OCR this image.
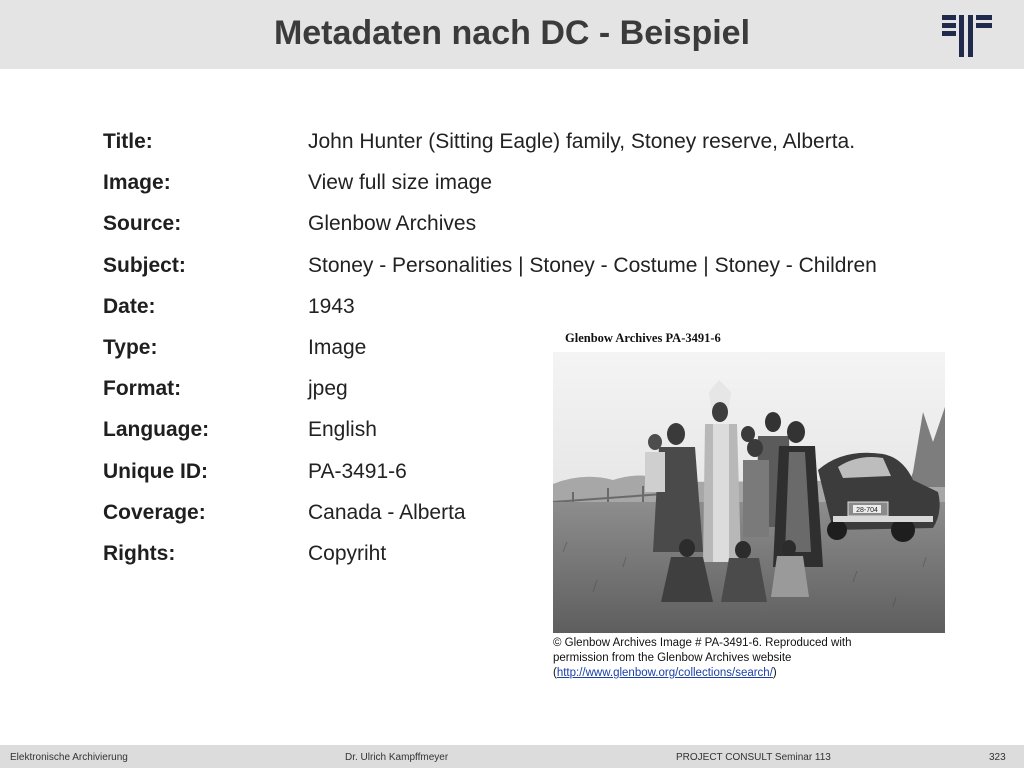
Metadaten nach DC - Beispiel
Title:	John Hunter (Sitting Eagle) family, Stoney reserve, Alberta.
Image:	View full size image
Source:	Glenbow Archives
Subject:	Stoney - Personalities | Stoney - Costume | Stoney - Children
Date:	1943
Type:	Image
Format:	jpeg
Language:	English
Unique ID:	PA-3491-6
Coverage:	Canada - Alberta
Rights:	Copyriht
Glenbow Archives PA-3491-6
28-704
© Glenbow Archives Image # PA-3491-6. Reproduced with
permission from the Glenbow Archives website
(http://www.glenbow.org/collections/search/)
Elektronische Archivierung	Dr. Ulrich Kampffmeyer	PROJECT CONSULT Seminar 113	323
